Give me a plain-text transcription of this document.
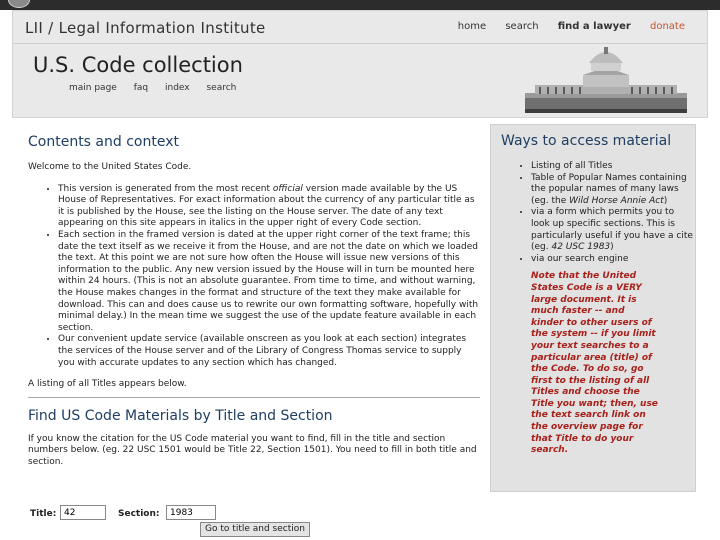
LII / Legal Information Institute	home search find a lawyer donate
U.S. Code collection
main page faq index search
Contents and context
Welcome to the United States Code.
• This version is generated from the most recent official version made available by the US House of Representatives. For exact information about the currency of any particular title as it is published by the House, see the listing on the House server. The date of any text appearing on this site appears in italics in the upper right of every Code section.
• Each section in the framed version is dated at the upper right corner of the text frame; this date the text itself as we receive it from the House, and are not the date on which we loaded the text. At this point we are not sure how often the House will issue new versions of this information to the public. Any new version issued by the House will in turn be mounted here within 24 hours. (This is not an absolute guarantee. From time to time, and without warning, the House makes changes in the format and structure of the text they make available for download. This can and does cause us to rewrite our own formatting software, hopefully with minimal delay.) In the mean time we suggest the use of the update feature available in each section.
• Our convenient update service (available onscreen as you look at each section) integrates the services of the House server and of the Library of Congress Thomas service to supply you with accurate updates to any section which has changed.
A listing of all Titles appears below.
Find US Code Materials by Title and Section
If you know the citation for the US Code material you want to find, fill in the title and section numbers below. (eg. 22 USC 1501 would be Title 22, Section 1501). You need to fill in both title and section.
Title:
42	Section:
1983
Go to title and section
Ways to access material
• Listing of all Titles
• Table of Popular Names containing the popular names of many laws (eg. the Wild Horse Annie Act)
• via a form which permits you to look up specific sections. This is particularly useful if you have a cite (eg. 42 USC 1983)
• via our search engine
Note that the United States Code is a VERY large document. It is much faster -- and kinder to other users of the system -- if you limit your text searches to a particular area (title) of the Code. To do so, go first to the listing of all Titles and choose the Title you want; then, use the text search link on the overview page for that Title to do your search.
